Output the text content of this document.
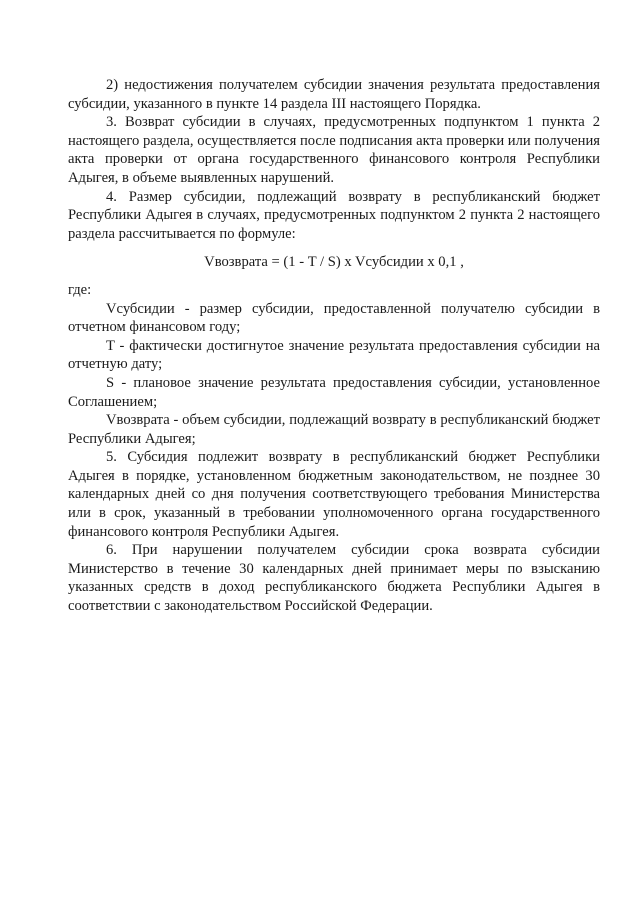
2) недостижения получателем субсидии значения результата предоставления субсидии, указанного в пункте 14 раздела III настоящего Порядка.

3. Возврат субсидии в случаях, предусмотренных подпунктом 1 пункта 2 настоящего раздела, осуществляется после подписания акта проверки или получения акта проверки от органа государственного финансового контроля Республики Адыгея, в объеме выявленных нарушений.

4. Размер субсидии, подлежащий возврату в республиканский бюджет Республики Адыгея в случаях, предусмотренных подпунктом 2 пункта 2 настоящего раздела рассчитывается по формуле:

Vвозврата = (1 - T / S) x Vсубсидии x 0,1 ,

где:

Vсубсидии - размер субсидии, предоставленной получателю субсидии в отчетном финансовом году;

T - фактически достигнутое значение результата предоставления субсидии на отчетную дату;

S - плановое значение результата предоставления субсидии, установленное Соглашением;

Vвозврата - объем субсидии, подлежащий возврату в республиканский бюджет Республики Адыгея;

5. Субсидия подлежит возврату в республиканский бюджет Республики Адыгея в порядке, установленном бюджетным законодательством, не позднее 30 календарных дней со дня получения соответствующего требования Министерства или в срок, указанный в требовании уполномоченного органа государственного финансового контроля Республики Адыгея.

6. При нарушении получателем субсидии срока возврата субсидии Министерство в течение 30 календарных дней принимает меры по взысканию указанных средств в доход республиканского бюджета Республики Адыгея в соответствии с законодательством Российской Федерации.
